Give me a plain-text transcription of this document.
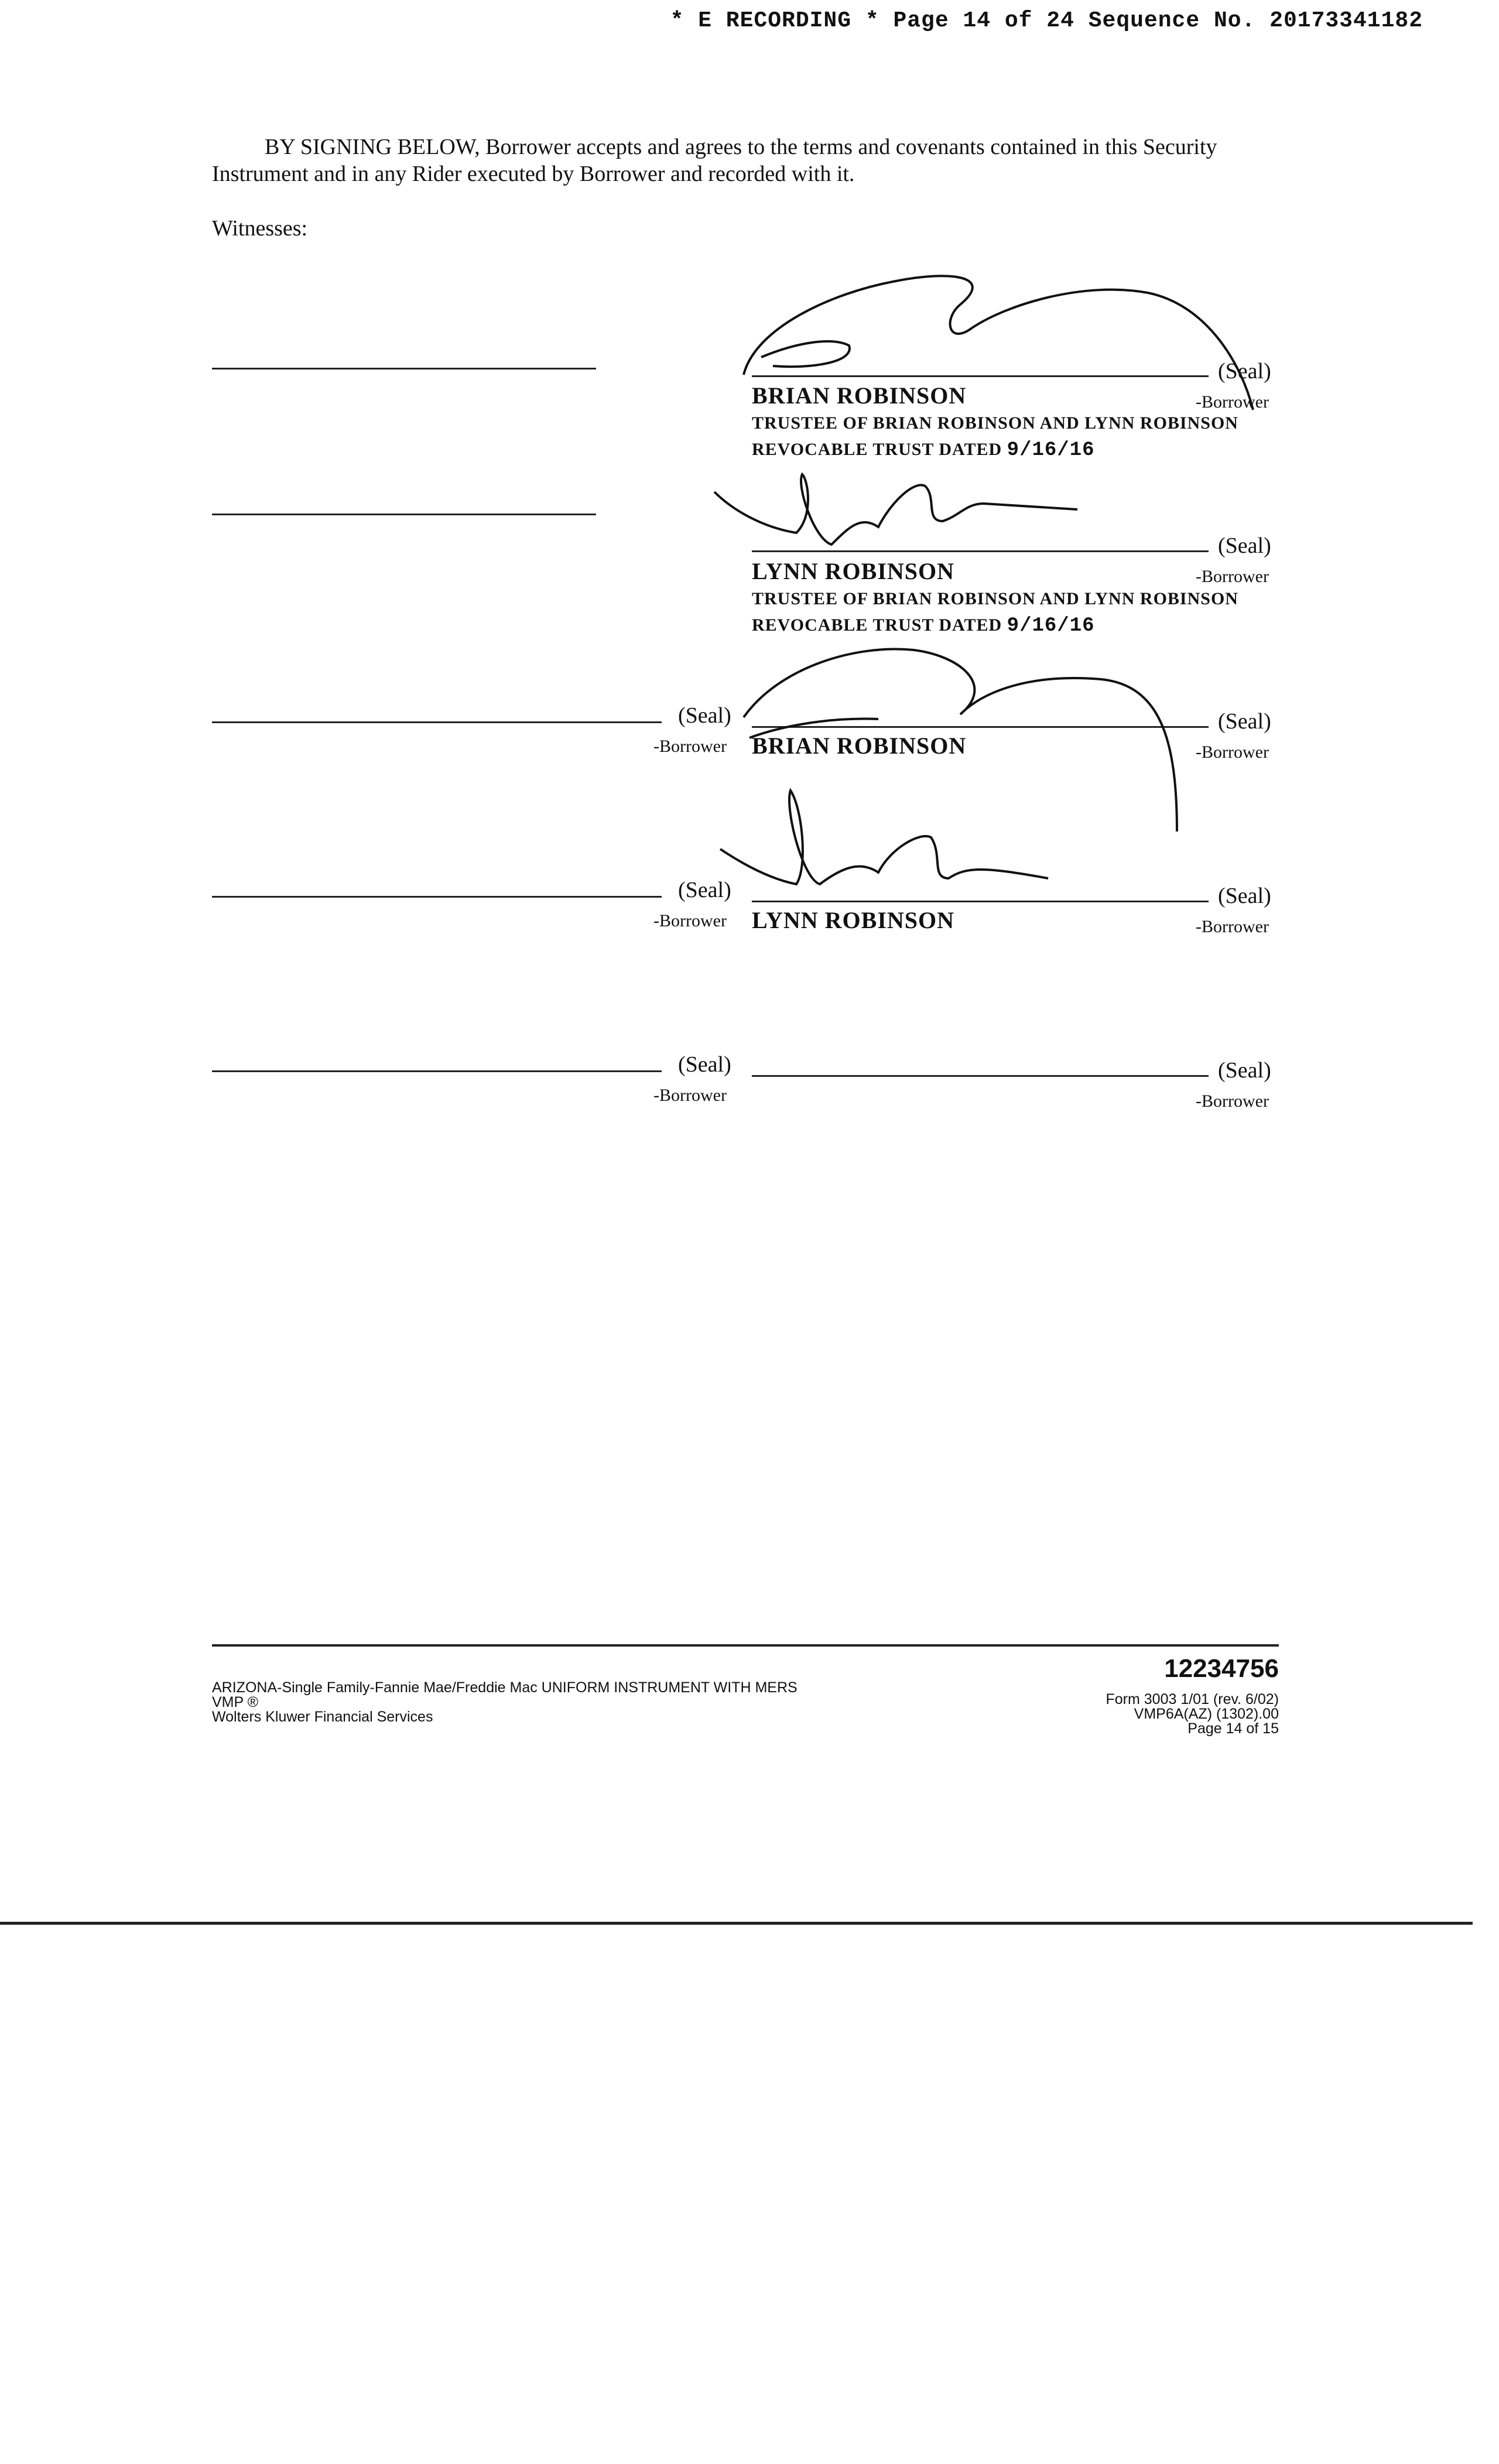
* E RECORDING * Page 14 of 24 Sequence No. 20173341182
BY SIGNING BELOW, Borrower accepts and agrees to the terms and covenants contained in this Security Instrument and in any Rider executed by Borrower and recorded with it.
Witnesses:
(Seal)
-Borrower
BRIAN ROBINSON
TRUSTEE OF BRIAN ROBINSON AND LYNN ROBINSON
REVOCABLE TRUST DATED 9/16/16
(Seal)
-Borrower
LYNN ROBINSON
TRUSTEE OF BRIAN ROBINSON AND LYNN ROBINSON
REVOCABLE TRUST DATED 9/16/16
(Seal)
-Borrower
(Seal)
-Borrower
BRIAN ROBINSON
(Seal)
-Borrower
(Seal)
-Borrower
LYNN ROBINSON
(Seal)
-Borrower
(Seal)
-Borrower
12234756
ARIZONA-Single Family-Fannie Mae/Freddie Mac UNIFORM INSTRUMENT WITH MERS
VMP ®
Wolters Kluwer Financial Services
Form 3003 1/01 (rev. 6/02)
VMP6A(AZ) (1302).00
Page 14 of 15
